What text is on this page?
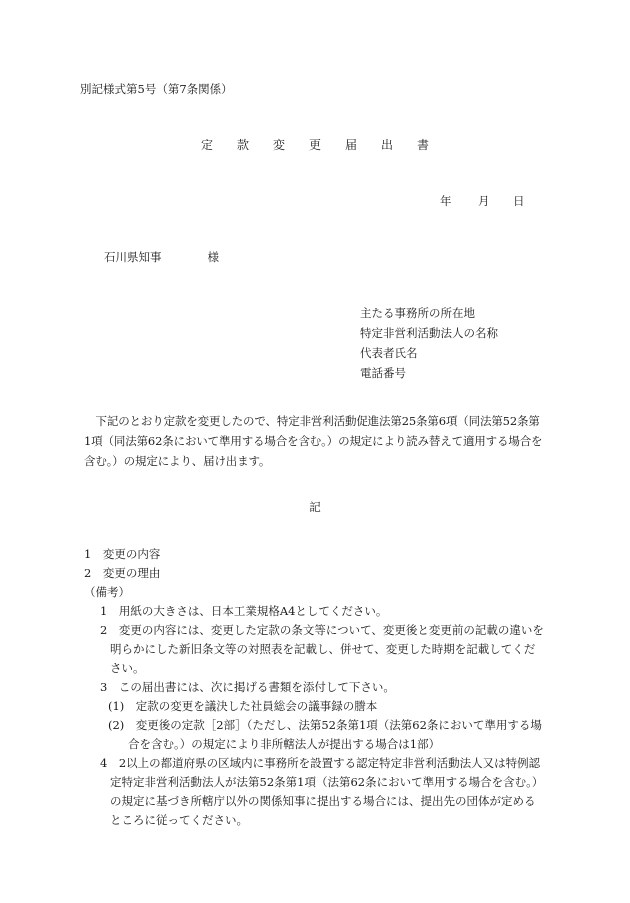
別記様式第5号（第7条関係）
定 款 変 更 届 出 書
年 月 日
石川県知事	様
主たる事務所の所在地
特定非営利活動法人の名称
代表者氏名
電話番号
下記のとおり定款を変更したので、特定非営利活動促進法第25条第6項（同法第52条第1項（同法第62条において準用する場合を含む。）の規定により読み替えて適用する場合を含む。）の規定により、届け出ます。
記
1　変更の内容
2　変更の理由
（備考）
1　用紙の大きさは、日本工業規格A4としてください。
2　変更の内容には、変更した定款の条文等について、変更後と変更前の記載の違いを明らかにした新旧条文等の対照表を記載し、併せて、変更した時期を記載してください。
3　この届出書には、次に掲げる書類を添付して下さい。
(1)　定款の変更を議決した社員総会の議事録の謄本
(2)　変更後の定款［2部］（ただし、法第52条第1項（法第62条において準用する場合を含む。）の規定により非所轄法人が提出する場合は1部）
4　2以上の都道府県の区域内に事務所を設置する認定特定非営利活動法人又は特例認定特定非営利活動法人が法第52条第1項（法第62条において準用する場合を含む。）の規定に基づき所轄庁以外の関係知事に提出する場合には、提出先の団体が定めるところに従ってください。
